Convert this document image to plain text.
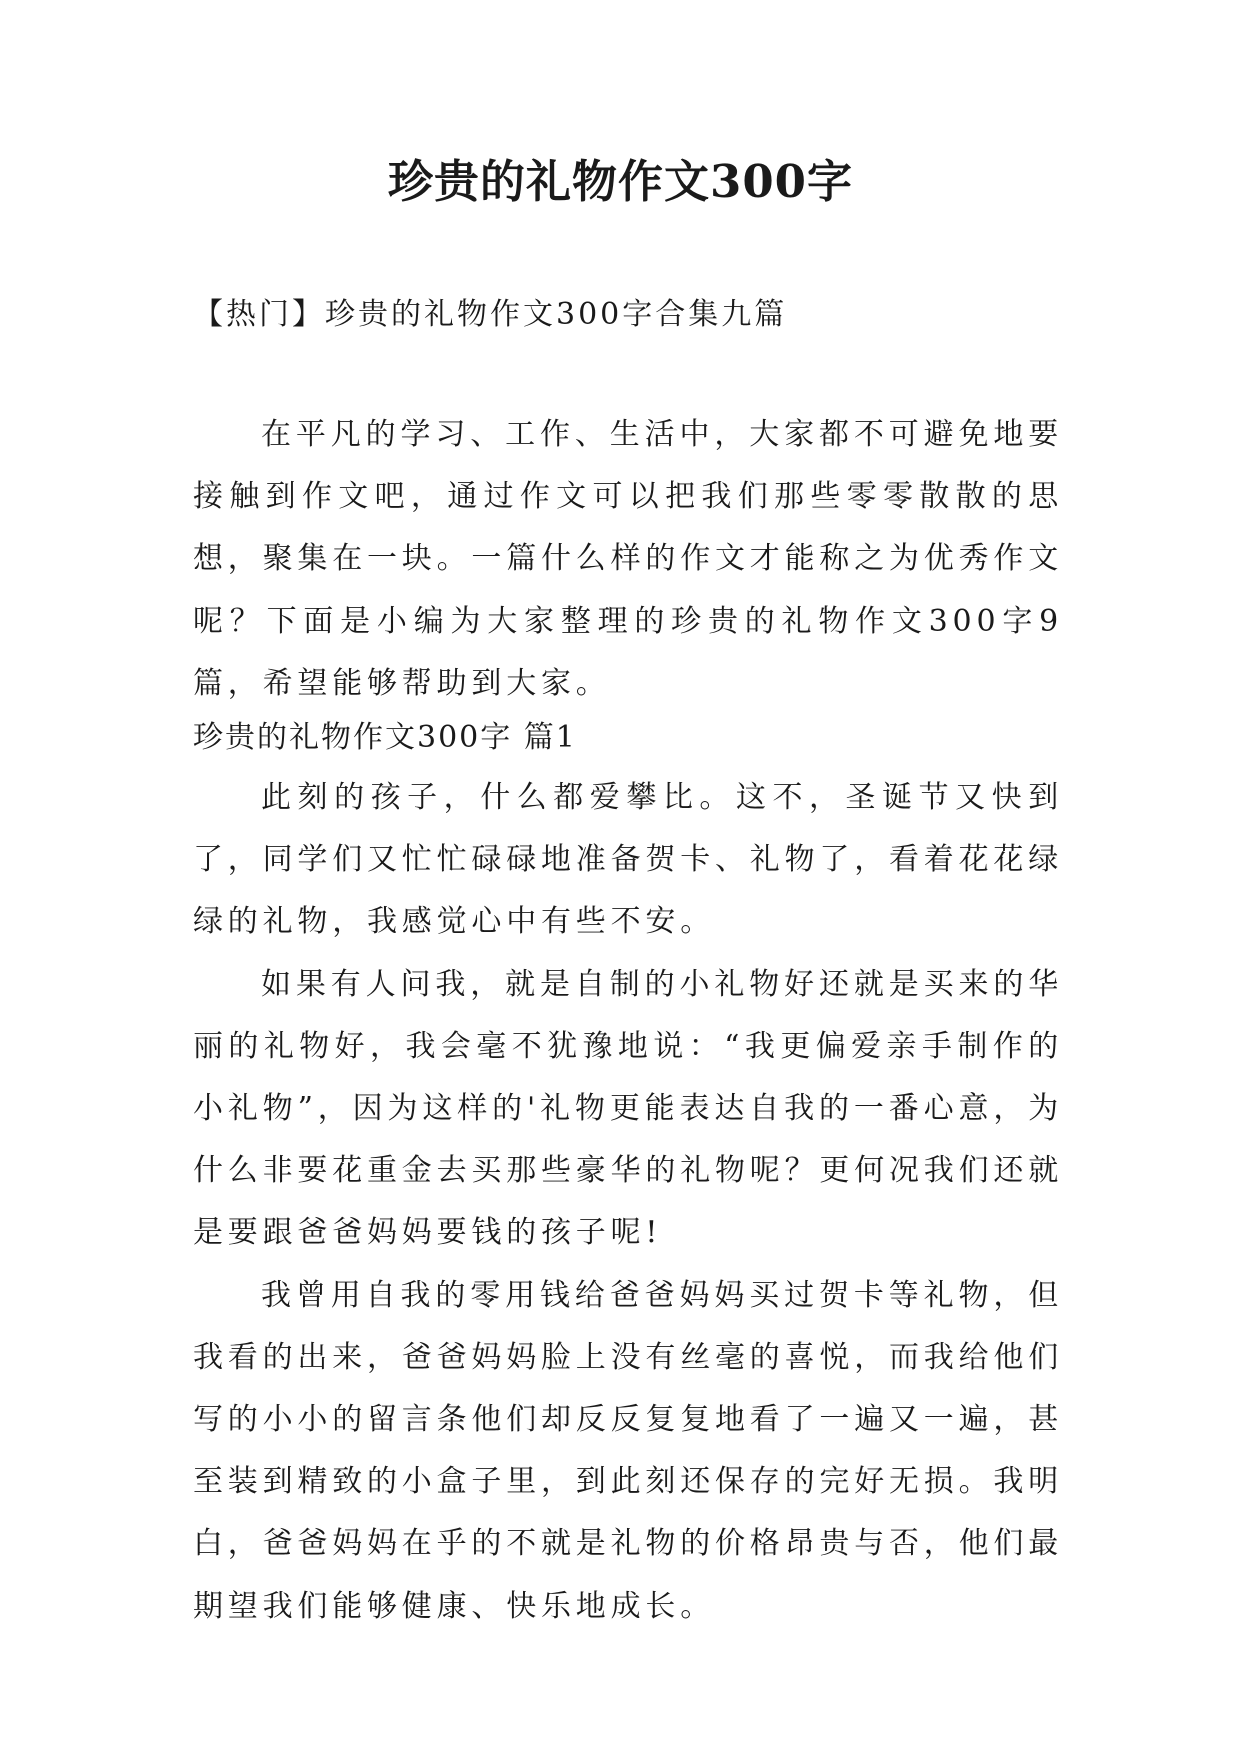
珍贵的礼物作文300字

【热门】珍贵的礼物作文300字合集九篇

在平凡的学习、工作、生活中，大家都不可避免地要接触到作文吧，通过作文可以把我们那些零零散散的思想，聚集在一块。一篇什么样的作文才能称之为优秀作文呢？下面是小编为大家整理的珍贵的礼物作文300字9篇，希望能够帮助到大家。

珍贵的礼物作文300字 篇1

此刻的孩子，什么都爱攀比。这不，圣诞节又快到了，同学们又忙忙碌碌地准备贺卡、礼物了，看着花花绿绿的礼物，我感觉心中有些不安。

如果有人问我，就是自制的小礼物好还就是买来的华丽的礼物好，我会毫不犹豫地说：“我更偏爱亲手制作的小礼物”，因为这样的'礼物更能表达自我的一番心意，为什么非要花重金去买那些豪华的礼物呢？更何况我们还就是要跟爸爸妈妈要钱的孩子呢!

我曾用自我的零用钱给爸爸妈妈买过贺卡等礼物，但我看的出来，爸爸妈妈脸上没有丝毫的喜悦，而我给他们写的小小的留言条他们却反反复复地看了一遍又一遍，甚至装到精致的小盒子里，到此刻还保存的完好无损。我明白，爸爸妈妈在乎的不就是礼物的价格昂贵与否，他们最期望我们能够健康、快乐地成长。
